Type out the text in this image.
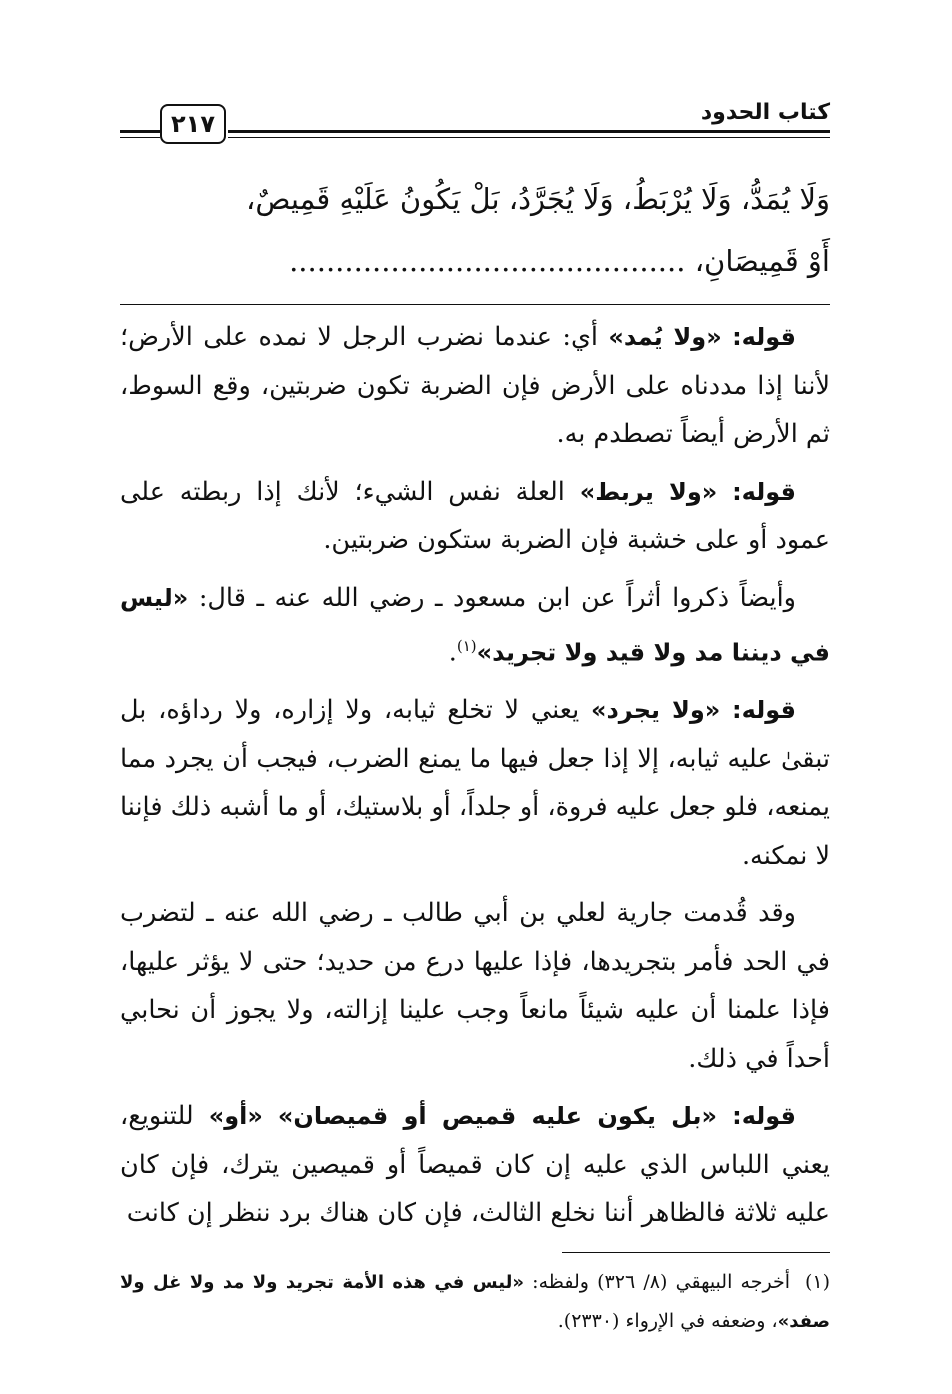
كتاب الحدود
٢١٧

وَلَا يُمَدُّ، وَلَا يُرْبَطُ، وَلَا يُجَرَّدُ، بَلْ يَكُونُ عَلَيْهِ قَمِيصٌ،

أَوْ قَمِيصَانِ، ...........................................

قوله: «ولا يُمد» أي: عندما نضرب الرجل لا نمده على الأرض؛ لأننا إذا مددناه على الأرض فإن الضربة تكون ضربتين، وقع السوط، ثم الأرض أيضاً تصطدم به.

قوله: «ولا يربط» العلة نفس الشيء؛ لأنك إذا ربطته على عمود أو على خشبة فإن الضربة ستكون ضربتين.

وأيضاً ذكروا أثراً عن ابن مسعود ـ رضي الله عنه ـ قال: «ليس في ديننا مد ولا قيد ولا تجريد»$^{(١)}$.

قوله: «ولا يجرد» يعني لا تخلع ثيابه، ولا إزاره، ولا رداؤه، بل تبقىٰ عليه ثيابه، إلا إذا جعل فيها ما يمنع الضرب، فيجب أن يجرد مما يمنعه، فلو جعل عليه فروة، أو جلداً، أو بلاستيك، أو ما أشبه ذلك فإننا لا نمكنه.

وقد قُدمت جارية لعلي بن أبي طالب ـ رضي الله عنه ـ لتضرب في الحد فأمر بتجريدها، فإذا عليها درع من حديد؛ حتى لا يؤثر عليها، فإذا علمنا أن عليه شيئاً مانعاً وجب علينا إزالته، ولا يجوز أن نحابي أحداً في ذلك.

قوله: «بل يكون عليه قميص أو قميصان» «أو» للتنويع، يعني اللباس الذي عليه إن كان قميصاً أو قميصين يترك، فإن كان عليه ثلاثة فالظاهر أننا نخلع الثالث، فإن كان هناك برد ننظر إن كانت

(١)أخرجه البيهقي (٨/ ٣٢٦) ولفظه: «ليس في هذه الأمة تجريد ولا مد ولا غل ولا صفد»، وضعفه في الإرواء (٢٣٣٠).
